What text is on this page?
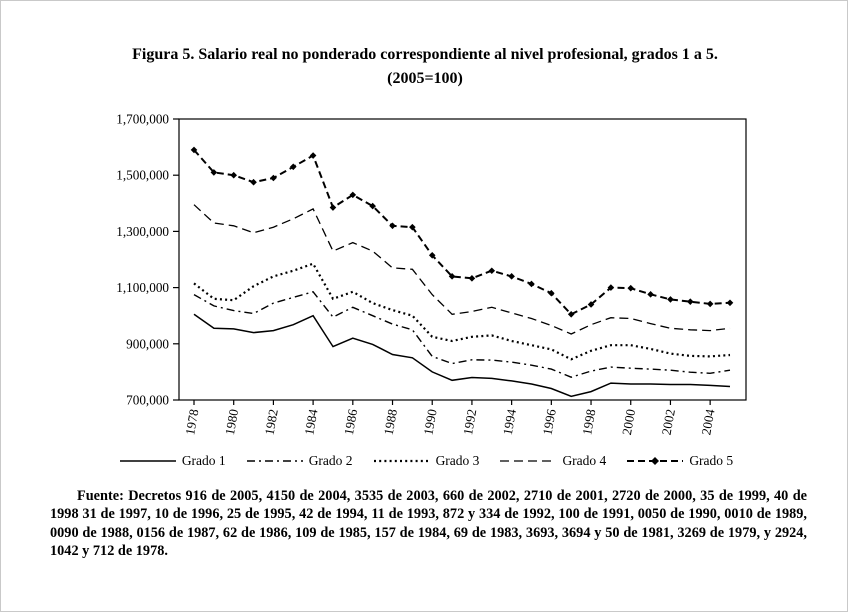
Figura 5. Salario real no ponderado correspondiente al nivel profesional, grados 1 a 5.
(2005=100)
700,000
900,000
1,100,000
1,300,000
1,500,000
1,700,000
1978 1980 1982 1984 1986 1988 1990 1992 1994 1996 1998 2000 2002 2004
Grado 1	Grado 2	Grado 3	Grado 4	Grado 5
Fuente: Decretos 916 de 2005, 4150 de 2004, 3535 de 2003, 660 de 2002, 2710 de 2001, 2720 de 2000, 35 de 1999, 40 de 1998 31 de 1997, 10 de 1996, 25 de 1995, 42 de 1994, 11 de 1993, 872 y 334 de 1992, 100 de 1991, 0050 de 1990, 0010 de 1989, 0090 de 1988, 0156 de 1987, 62 de 1986, 109 de 1985, 157 de 1984, 69 de 1983, 3693, 3694 y 50 de 1981, 3269 de 1979, y 2924, 1042 y 712 de 1978.
